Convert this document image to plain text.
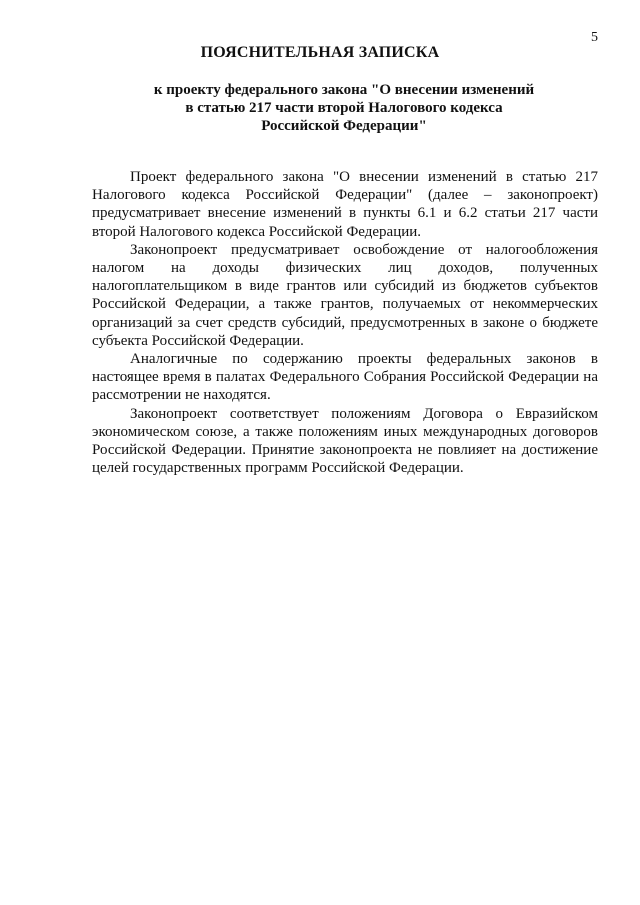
5
ПОЯСНИТЕЛЬНАЯ ЗАПИСКА
к проекту федерального закона "О внесении изменений
в статью 217 части второй Налогового кодекса
Российской Федерации"

Проект федерального закона "О внесении изменений в статью 217 Налогового кодекса Российской Федерации" (далее – законопроект) предусматривает внесение изменений в пункты 6.1 и 6.2 статьи 217 части второй Налогового кодекса Российской Федерации.

Законопроект предусматривает освобождение от налогообложения налогом на доходы физических лиц доходов, полученных налогоплательщиком в виде грантов или субсидий из бюджетов субъектов Российской Федерации, а также грантов, получаемых от некоммерческих организаций за счет средств субсидий, предусмотренных в законе о бюджете субъекта Российской Федерации.

Аналогичные по содержанию проекты федеральных законов в настоящее время в палатах Федерального Собрания Российской Федерации на рассмотрении не находятся.

Законопроект соответствует положениям Договора о Евразийском экономическом союзе, а также положениям иных международных договоров Российской Федерации. Принятие законопроекта не повлияет на достижение целей государственных программ Российской Федерации.
